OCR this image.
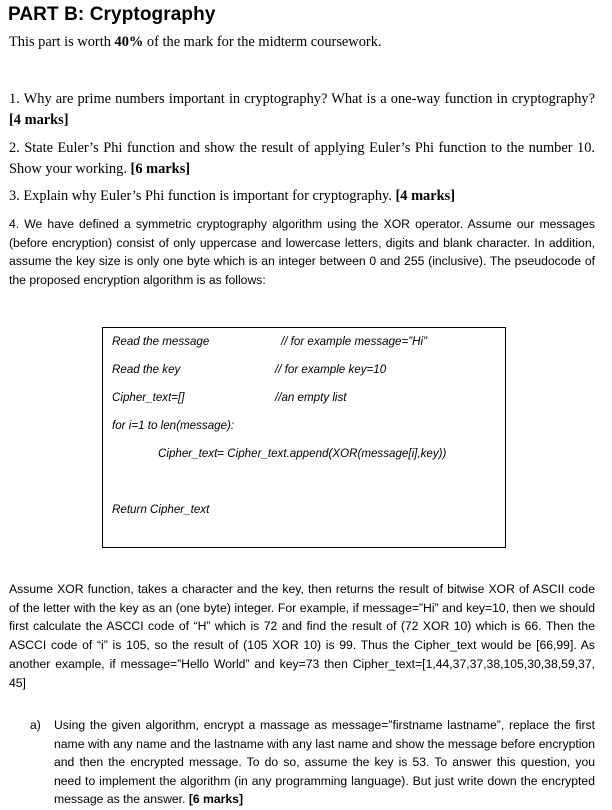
PART B: Cryptography

This part is worth 40% of the mark for the midterm coursework.

1. Why are prime numbers important in cryptography? What is a one-way function in cryptography? [4 marks]

2. State Euler’s Phi function and show the result of applying Euler’s Phi function to the number 10. Show your working. [6 marks]

3. Explain why Euler’s Phi function is important for cryptography. [4 marks]

4. We have defined a symmetric cryptography algorithm using the XOR operator. Assume our messages (before encryption) consist of only uppercase and lowercase letters, digits and blank character. In addition, assume the key size is only one byte which is an integer between 0 and 255 (inclusive). The pseudocode of the proposed encryption algorithm is as follows:

Read the message	// for example message=”Hi”
Read the key	// for example key=10
Cipher_text=[]	//an empty list
for i=1 to len(message):
Cipher_text= Cipher_text.append(XOR(message[i],key))
Return Cipher_text

Assume XOR function, takes a character and the key, then returns the result of bitwise XOR of ASCII code of the letter with the key as an (one byte) integer. For example, if message=”Hi” and key=10, then we should first calculate the ASCCI code of “H” which is 72 and find the result of (72 XOR 10) which is 66. Then the ASCCI code of “i” is 105, so the result of (105 XOR 10) is 99. Thus the Cipher_text would be [66,99]. As another example, if message=”Hello World” and key=73 then Cipher_text=[1,44,37,37,38,105,30,38,59,37, 45]

a) Using the given algorithm, encrypt a massage as message=”firstname lastname”, replace the first name with any name and the lastname with any last name and show the message before encryption and then the encrypted message. To do so, assume the key is 53. To answer this question, you need to implement the algorithm (in any programming language). But just write down the encrypted message as the answer. [6 marks]
